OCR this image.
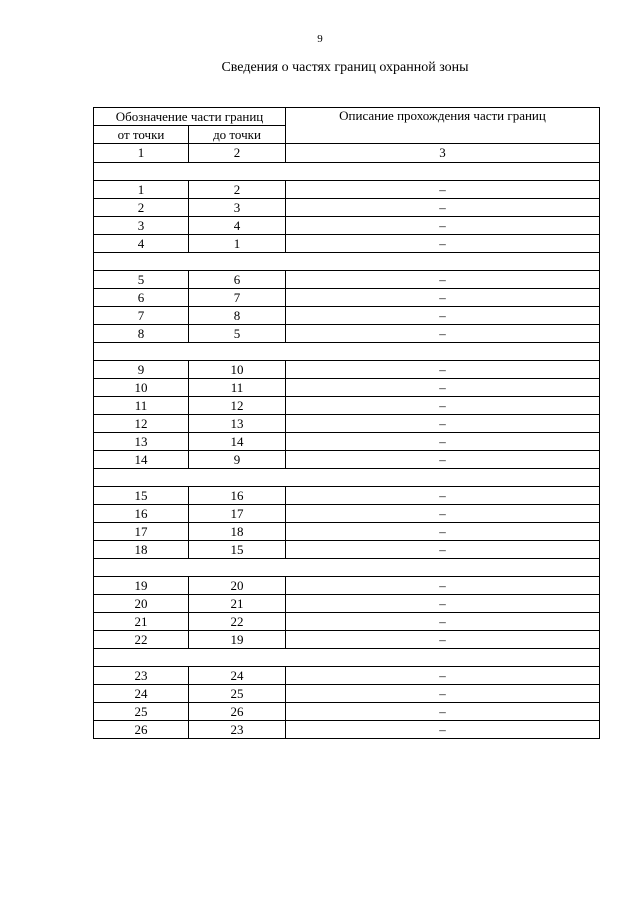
9
Сведения о частях границ охранной зоны
Обозначение части границ		Описание прохождения части границ
от точки	до точки	
1	2	3

1	2	–
2	3	–
3	4	–
4	1	–

5	6	–
6	7	–
7	8	–
8	5	–

9	10	–
10	11	–
11	12	–
12	13	–
13	14	–
14	9	–

15	16	–
16	17	–
17	18	–
18	15	–

19	20	–
20	21	–
21	22	–
22	19	–

23	24	–
24	25	–
25	26	–
26	23	–
